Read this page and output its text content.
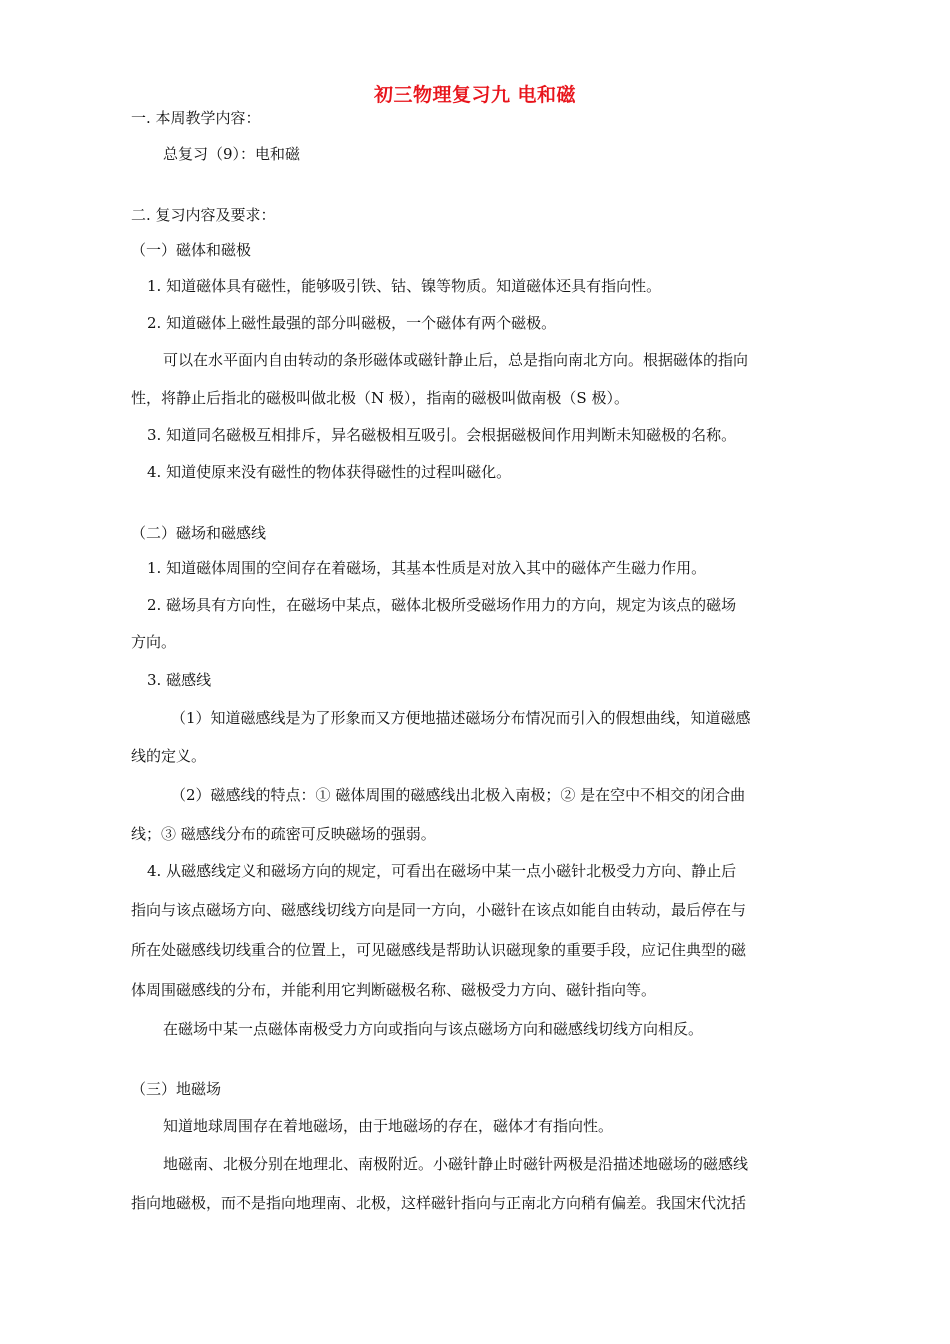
初三物理复习九 电和磁
一. 本周教学内容：
总复习（9）：电和磁
二. 复习内容及要求：
（一）磁体和磁极
1. 知道磁体具有磁性，能够吸引铁、钴、镍等物质。知道磁体还具有指向性。
2. 知道磁体上磁性最强的部分叫磁极，一个磁体有两个磁极。
可以在水平面内自由转动的条形磁体或磁针静止后，总是指向南北方向。根据磁体的指向
性，将静止后指北的磁极叫做北极（N 极），指南的磁极叫做南极（S 极）。
3. 知道同名磁极互相排斥，异名磁极相互吸引。会根据磁极间作用判断未知磁极的名称。
4. 知道使原来没有磁性的物体获得磁性的过程叫磁化。
（二）磁场和磁感线
1. 知道磁体周围的空间存在着磁场，其基本性质是对放入其中的磁体产生磁力作用。
2. 磁场具有方向性，在磁场中某点，磁体北极所受磁场作用力的方向，规定为该点的磁场
方向。
3. 磁感线
（1）知道磁感线是为了形象而又方便地描述磁场分布情况而引入的假想曲线，知道磁感
线的定义。
（2）磁感线的特点：① 磁体周围的磁感线出北极入南极；② 是在空中不相交的闭合曲
线；③ 磁感线分布的疏密可反映磁场的强弱。
4. 从磁感线定义和磁场方向的规定，可看出在磁场中某一点小磁针北极受力方向、静止后
指向与该点磁场方向、磁感线切线方向是同一方向，小磁针在该点如能自由转动，最后停在与
所在处磁感线切线重合的位置上，可见磁感线是帮助认识磁现象的重要手段，应记住典型的磁
体周围磁感线的分布，并能利用它判断磁极名称、磁极受力方向、磁针指向等。
在磁场中某一点磁体南极受力方向或指向与该点磁场方向和磁感线切线方向相反。
（三）地磁场
知道地球周围存在着地磁场，由于地磁场的存在，磁体才有指向性。
地磁南、北极分别在地理北、南极附近。小磁针静止时磁针两极是沿描述地磁场的磁感线
指向地磁极，而不是指向地理南、北极，这样磁针指向与正南北方向稍有偏差。我国宋代沈括
